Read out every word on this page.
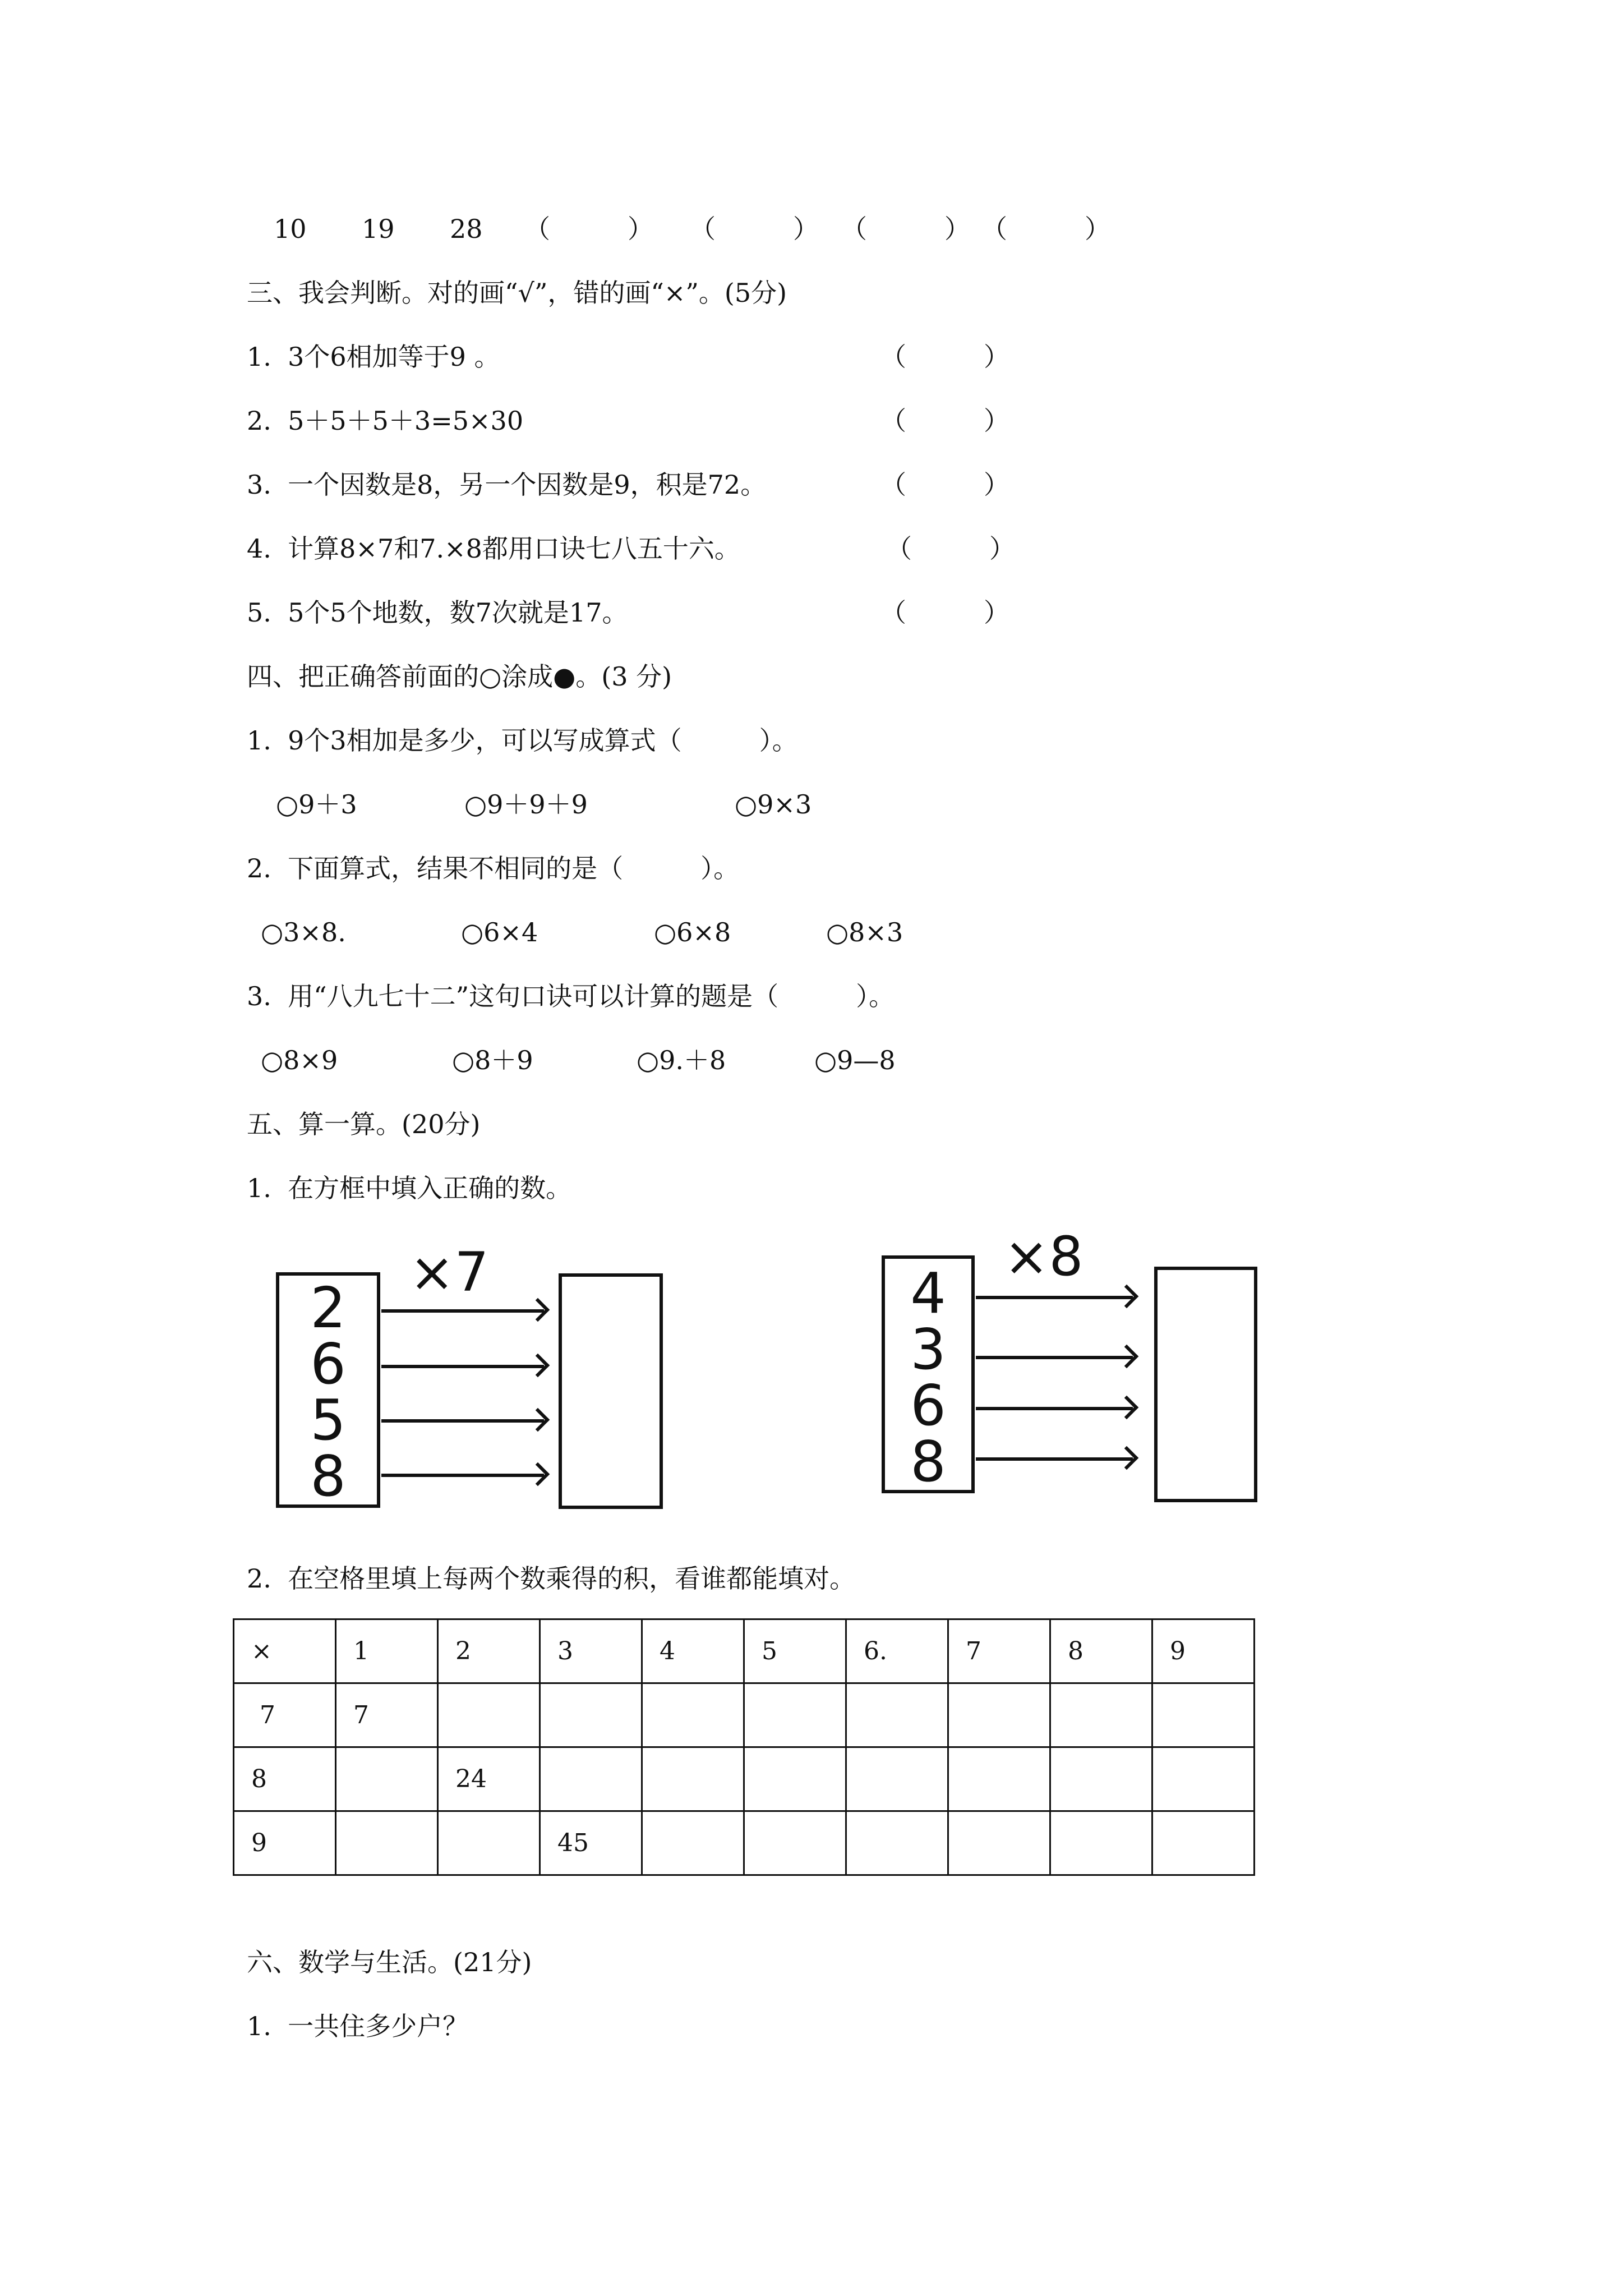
10 19 28 （　　　） （　　　） （　　　） （　　　）
三、我会判断。对的画“√”，错的画“×”。(5分)
1.  3个6相加等于9 。	（　　　）
2.  5＋5＋5＋3=5×30	（　　　）
3.  一个因数是8，另一个因数是9，积是72。	（　　　）
4.  计算8×7和7.×8都用口诀七八五十六。	（　　　）
5.  5个5个地数，数7次就是17。	（　　　）
四、把正确答前面的○涂成●。(3 分)
1.  9个3相加是多少，可以写成算式（　　　）。
○9＋3	○9＋9＋9	○9×3
2.  下面算式，结果不相同的是（　　　）。
○3×8.	○6×4	○6×8	○8×3
3.  用“八九七十二”这句口诀可以计算的题是（　　　）。
○8×9	○8＋9	○9.＋8	○9—8
五、算一算。(20分)
1.  在方框中填入正确的数。
2
6
5
8
×7	4
3
6
8
×8
2.  在空格里填上每两个数乘得的积，看谁都能填对。
×	1	2	3	4	5	6.	7	8	9
7	7								
8		24							
9			45						
六、数学与生活。(21分)
1.  一共住多少户？
